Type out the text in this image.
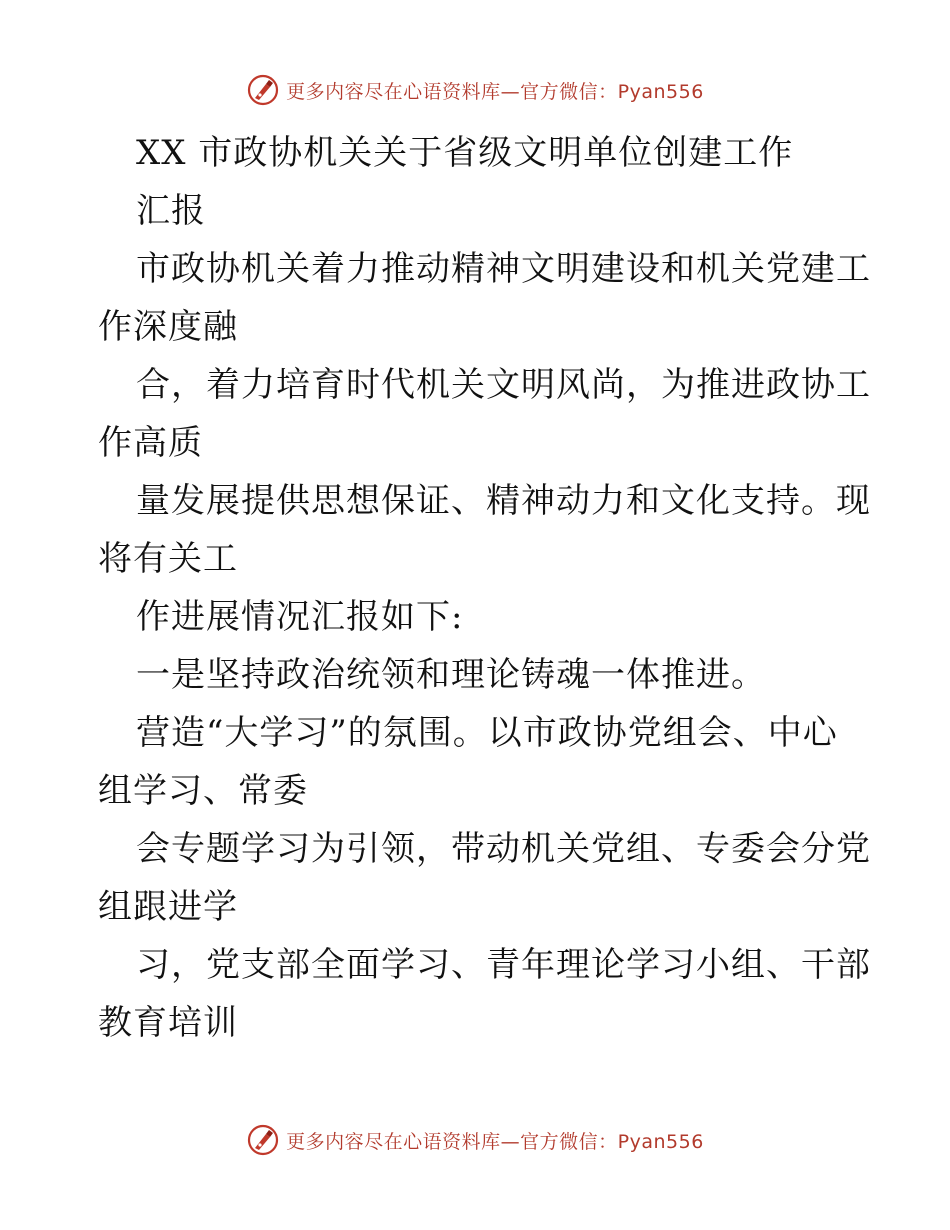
更多内容尽在心语资料库—官方微信：Pyan556
XX 市政协机关关于省级文明单位创建工作
汇报
市政协机关着力推动精神文明建设和机关党建工
作深度融
合，着力培育时代机关文明风尚，为推进政协工
作高质
量发展提供思想保证、精神动力和文化支持。现
将有关工
作进展情况汇报如下:
一是坚持政治统领和理论铸魂一体推进。
营造“大学习”的氛围。以市政协党组会、中心
组学习、常委
会专题学习为引领，带动机关党组、专委会分党
组跟进学
习，党支部全面学习、青年理论学习小组、干部
教育培训
更多内容尽在心语资料库—官方微信：Pyan556
